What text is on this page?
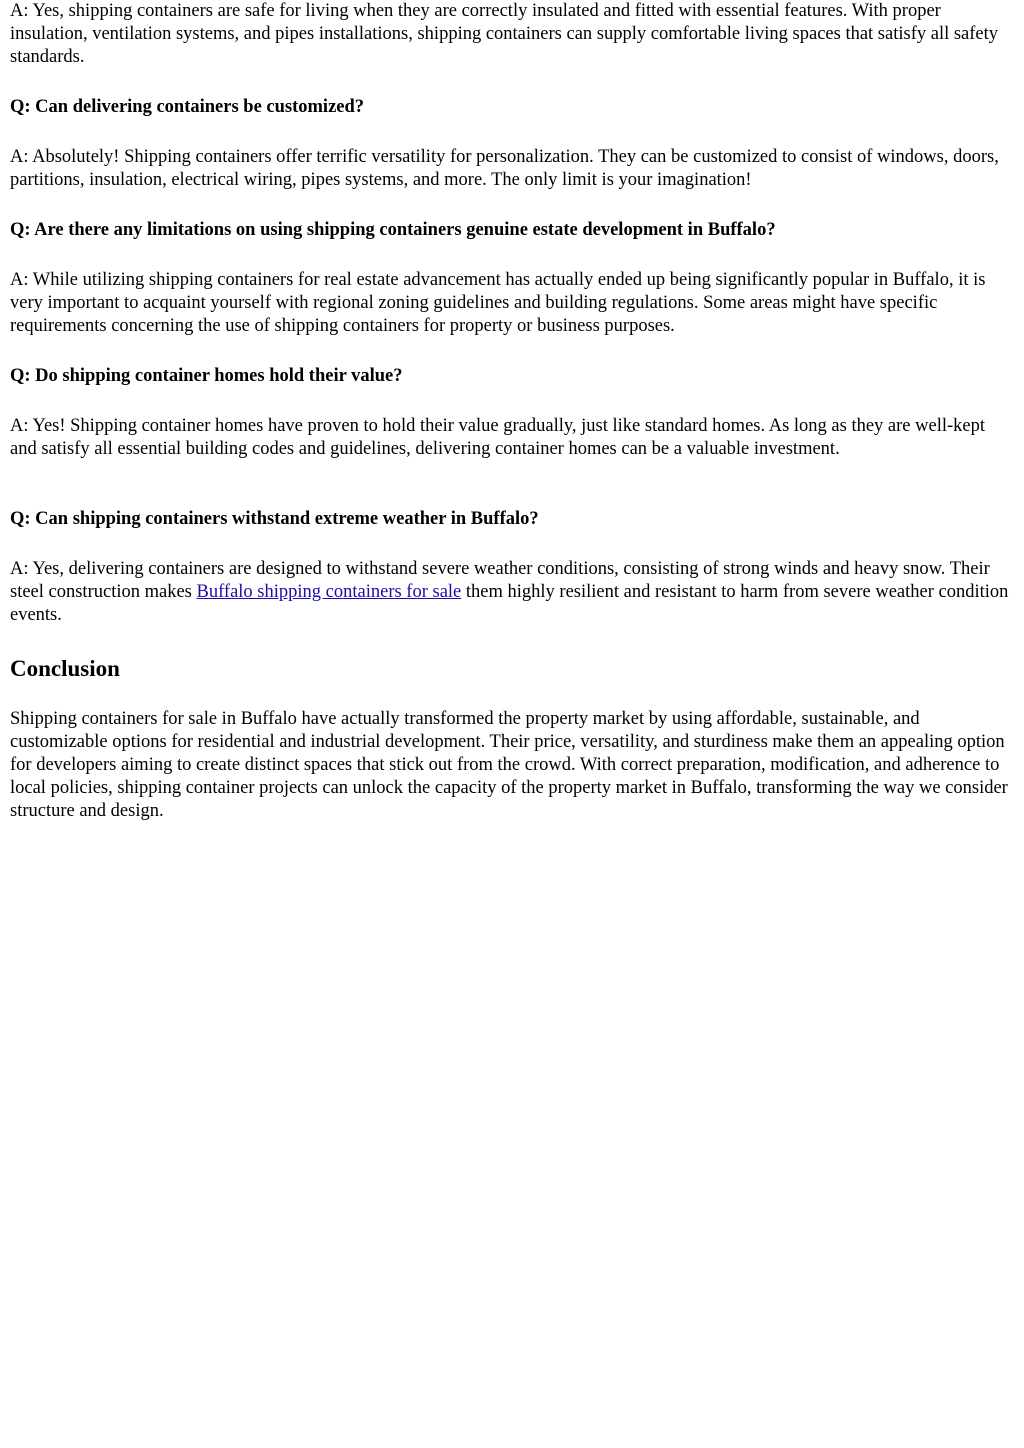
A: Yes, shipping containers are safe for living when they are correctly insulated and fitted with essential features. With proper insulation, ventilation systems, and pipes installations, shipping containers can supply comfortable living spaces that satisfy all safety standards.

Q: Can delivering containers be customized?

A: Absolutely! Shipping containers offer terrific versatility for personalization. They can be customized to consist of windows, doors, partitions, insulation, electrical wiring, pipes systems, and more. The only limit is your imagination!

Q: Are there any limitations on using shipping containers genuine estate development in Buffalo?

A: While utilizing shipping containers for real estate advancement has actually ended up being significantly popular in Buffalo, it is very important to acquaint yourself with regional zoning guidelines and building regulations. Some areas might have specific requirements concerning the use of shipping containers for property or business purposes.

Q: Do shipping container homes hold their value?

A: Yes! Shipping container homes have proven to hold their value gradually, just like standard homes. As long as they are well-kept and satisfy all essential building codes and guidelines, delivering container homes can be a valuable investment.

Q: Can shipping containers withstand extreme weather in Buffalo?

A: Yes, delivering containers are designed to withstand severe weather conditions, consisting of strong winds and heavy snow. Their steel construction makes Buffalo shipping containers for sale them highly resilient and resistant to harm from severe weather condition events.

Conclusion

Shipping containers for sale in Buffalo have actually transformed the property market by using affordable, sustainable, and customizable options for residential and industrial development. Their price, versatility, and sturdiness make them an appealing option for developers aiming to create distinct spaces that stick out from the crowd. With correct preparation, modification, and adherence to local policies, shipping container projects can unlock the capacity of the property market in Buffalo, transforming the way we consider structure and design.
